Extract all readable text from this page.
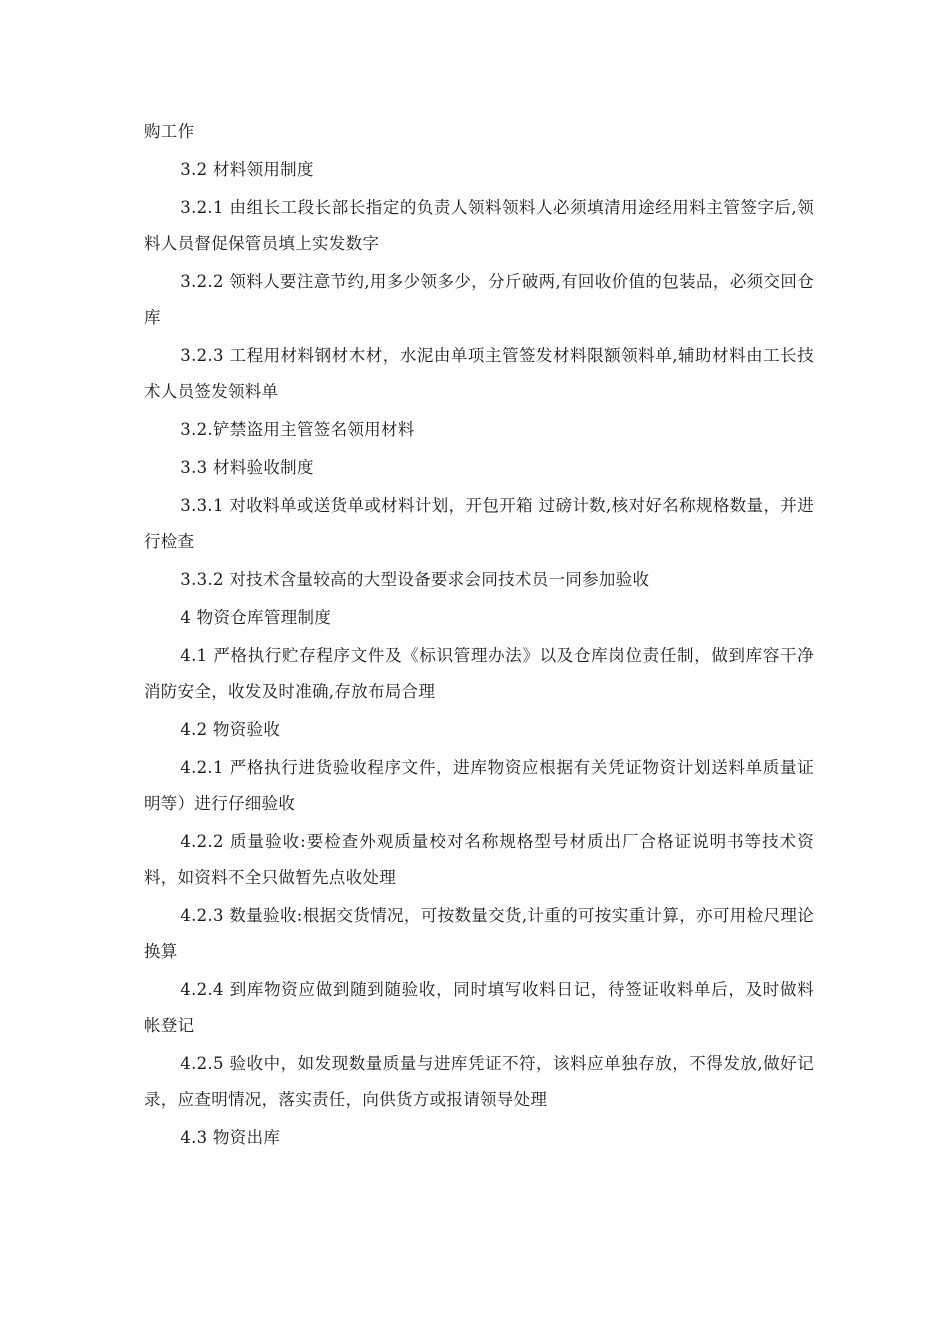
购工作

3.2 材料领用制度

3.2.1 由组长工段长部长指定的负责人领料领料人必须填清用途经用料主管签字后,领料人员督促保管员填上实发数字

3.2.2 领料人要注意节约,用多少领多少，分斤破两,有回收价值的包装品，必须交回仓库

3.2.3 工程用材料钢材木材，水泥由单项主管签发材料限额领料单,辅助材料由工长技术人员签发领料单

3.2.铲禁盗用主管签名领用材料

3.3 材料验收制度

3.3.1 对收料单或送货单或材料计划，开包开箱 过磅计数,核对好名称规格数量，并进行检查

3.3.2 对技术含量较高的大型设备要求会同技术员一同参加验收

4 物资仓库管理制度

4.1 严格执行贮存程序文件及《标识管理办法》以及仓库岗位责任制，做到库容干净消防安全，收发及时准确,存放布局合理

4.2 物资验收

4.2.1 严格执行进货验收程序文件，进库物资应根据有关凭证物资计划送料单质量证明等）进行仔细验收

4.2.2 质量验收:要检查外观质量校对名称规格型号材质出厂合格证说明书等技术资料，如资料不全只做暂先点收处理

4.2.3 数量验收:根据交货情况，可按数量交货,计重的可按实重计算，亦可用检尺理论换算

4.2.4 到库物资应做到随到随验收，同时填写收料日记，待签证收料单后，及时做料帐登记

4.2.5 验收中，如发现数量质量与进库凭证不符，该料应单独存放，不得发放,做好记录，应查明情况，落实责任，向供货方或报请领导处理

4.3 物资出库
